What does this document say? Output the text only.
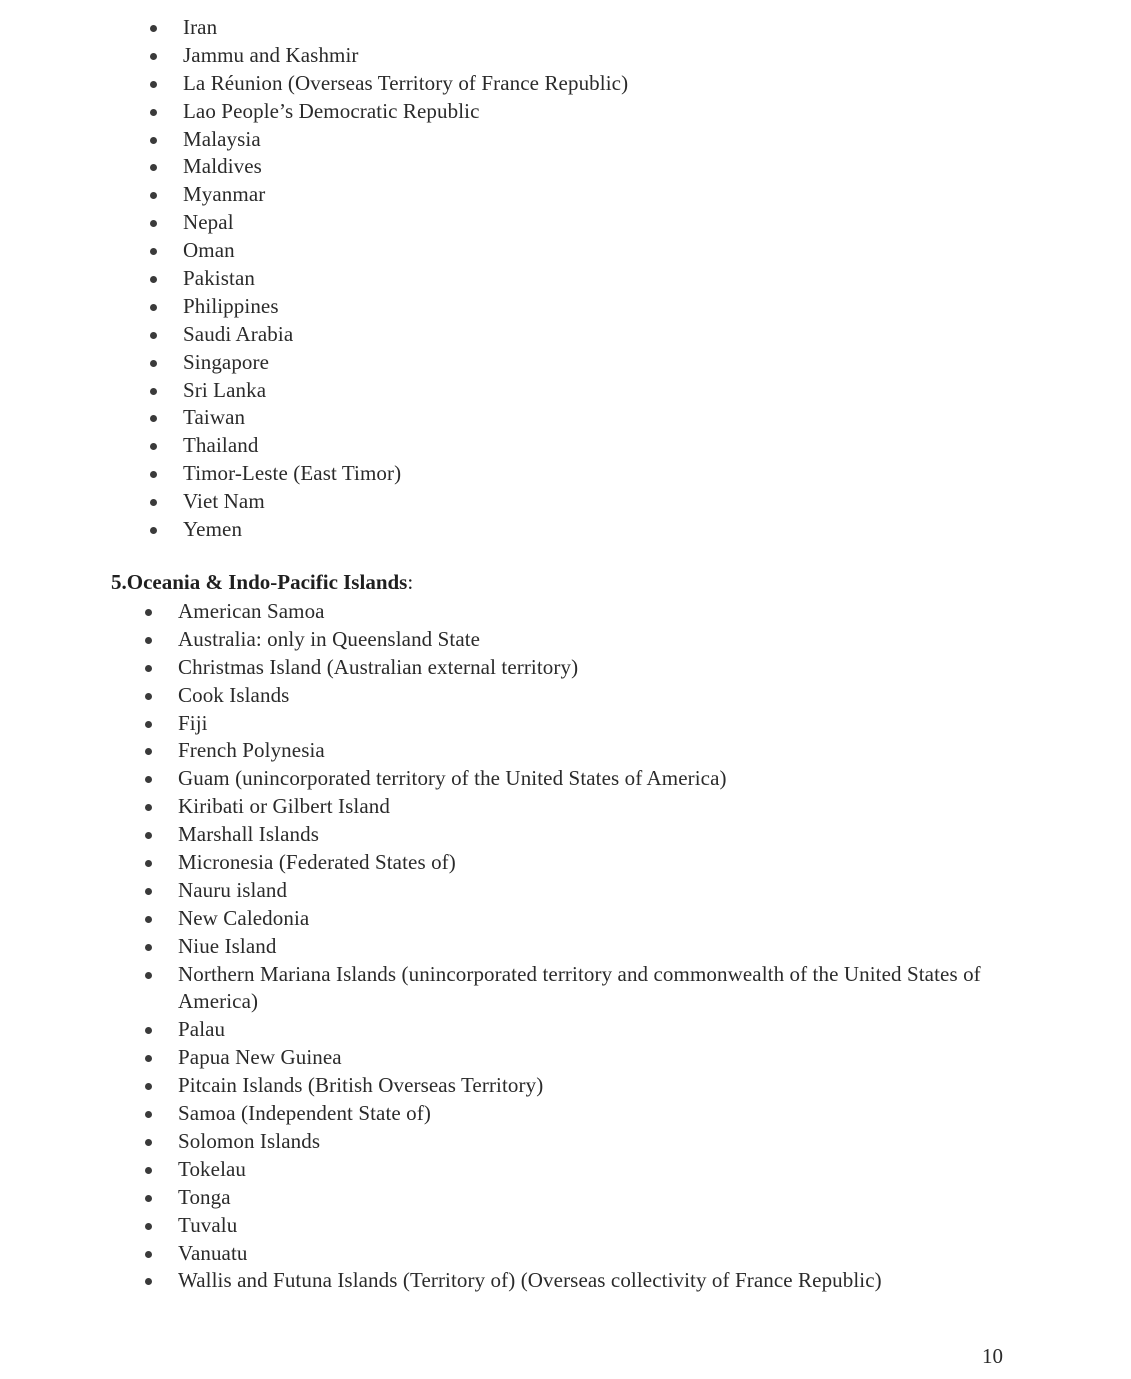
Iran
Jammu and Kashmir
La Réunion (Overseas Territory of France Republic)
Lao People’s Democratic Republic
Malaysia
Maldives
Myanmar
Nepal
Oman
Pakistan
Philippines
Saudi Arabia
Singapore
Sri Lanka
Taiwan
Thailand
Timor-Leste (East Timor)
Viet Nam
Yemen
5.Oceania & Indo-Pacific Islands:
American Samoa
Australia: only in Queensland State
Christmas Island (Australian external territory)
Cook Islands
Fiji
French Polynesia
Guam (unincorporated territory of the United States of America)
Kiribati or Gilbert Island
Marshall Islands
Micronesia (Federated States of)
Nauru island
New Caledonia
Niue Island
Northern Mariana Islands (unincorporated territory and commonwealth of the United States of America)
Palau
Papua New Guinea
Pitcain Islands (British Overseas Territory)
Samoa (Independent State of)
Solomon Islands
Tokelau
Tonga
Tuvalu
Vanuatu
Wallis and Futuna Islands (Territory of) (Overseas collectivity of France Republic)
10
